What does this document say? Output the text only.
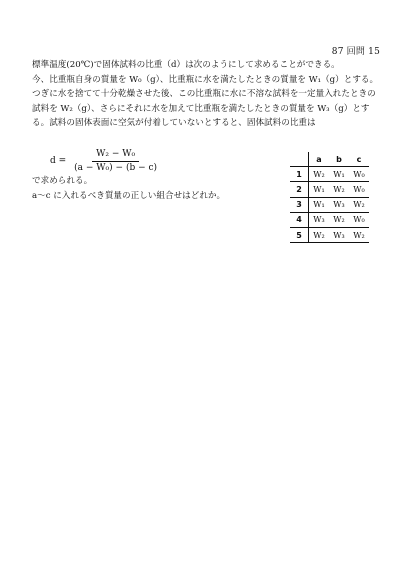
87 回問 15

標準温度(20℃)で固体試料の比重（d）は次のようにして求めることができる。

今、比重瓶自身の質量を W₀（g）、比重瓶に水を満たしたときの質量を W₁（g）とする。つぎに水を捨てて十分乾燥させた後、この比重瓶に水に不溶な試料を一定量入れたときの試料を W₂（g）、さらにそれに水を加えて比重瓶を満たしたときの質量を W₃（g）とする。試料の固体表面に空気が付着していないとすると、固体試料の比重は

$d = \frac{\text{W₂ − W₀}}{\text{(a − W₀) − (b − c)}}$

で求められる。

a〜c に入れるべき質量の正しい組合せはどれか。

	a	b	c
1	W₂	W₁	W₀
2	W₁	W₂	W₀
3	W₁	W₃	W₂
4	W₃	W₂	W₀
5	W₂	W₃	W₂
